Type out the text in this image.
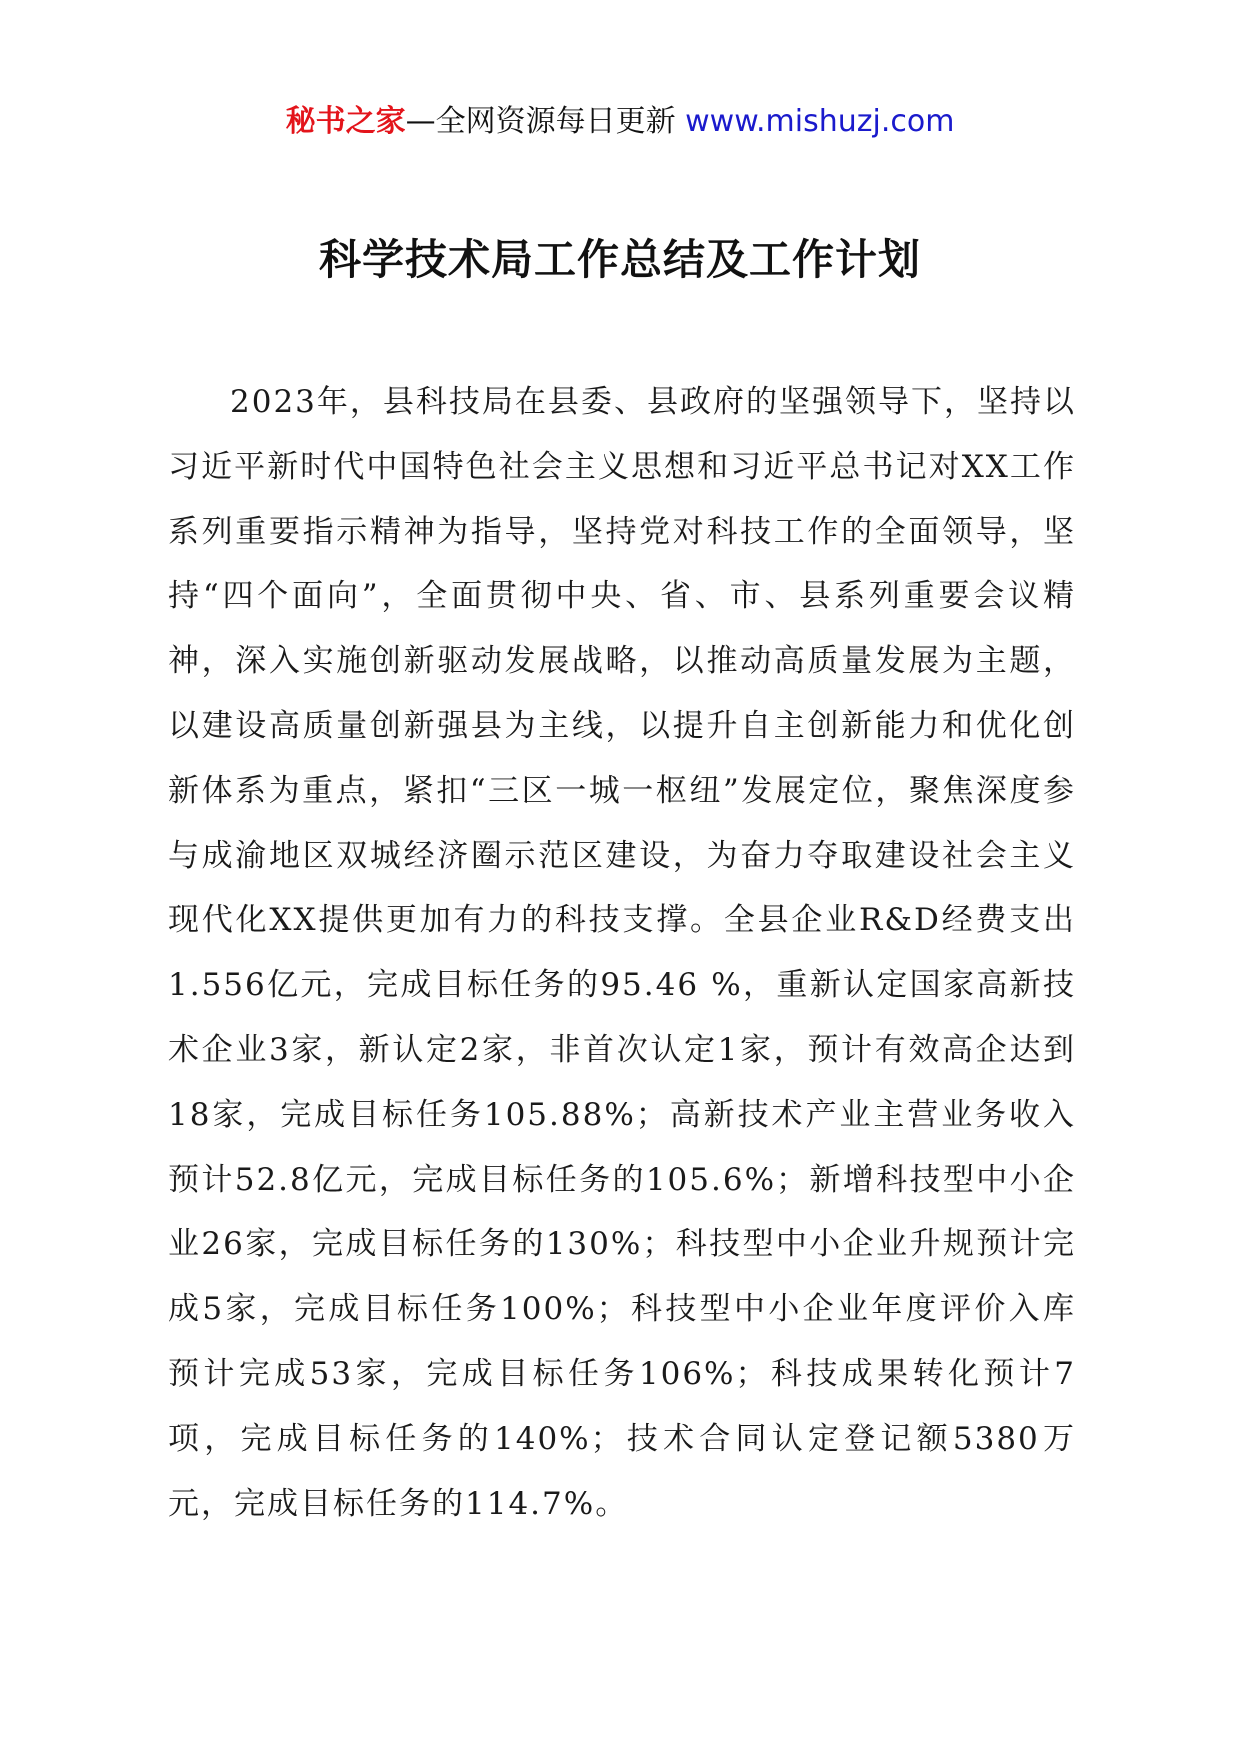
秘书之家—全网资源每日更新 www.mishuzj.com
科学技术局工作总结及工作计划

2023年，县科技局在县委、县政府的坚强领导下，坚持以习近平新时代中国特色社会主义思想和习近平总书记对XX工作系列重要指示精神为指导，坚持党对科技工作的全面领导，坚持“四个面向”，全面贯彻中央、省、市、县系列重要会议精神，深入实施创新驱动发展战略，以推动高质量发展为主题，以建设高质量创新强县为主线，以提升自主创新能力和优化创新体系为重点，紧扣“三区一城一枢纽”发展定位，聚焦深度参与成渝地区双城经济圈示范区建设，为奋力夺取建设社会主义现代化XX提供更加有力的科技支撑。全县企业R&D经费支出1.556亿元，完成目标任务的95.46 %，重新认定国家高新技术企业3家，新认定2家，非首次认定1家，预计有效高企达到18家，完成目标任务105.88%；高新技术产业主营业务收入预计52.8亿元，完成目标任务的105.6%；新增科技型中小企业26家，完成目标任务的130%；科技型中小企业升规预计完成5家，完成目标任务100%；科技型中小企业年度评价入库预计完成53家，完成目标任务106%；科技成果转化预计7项，完成目标任务的140%；技术合同认定登记额5380万元，完成目标任务的114.7%。
